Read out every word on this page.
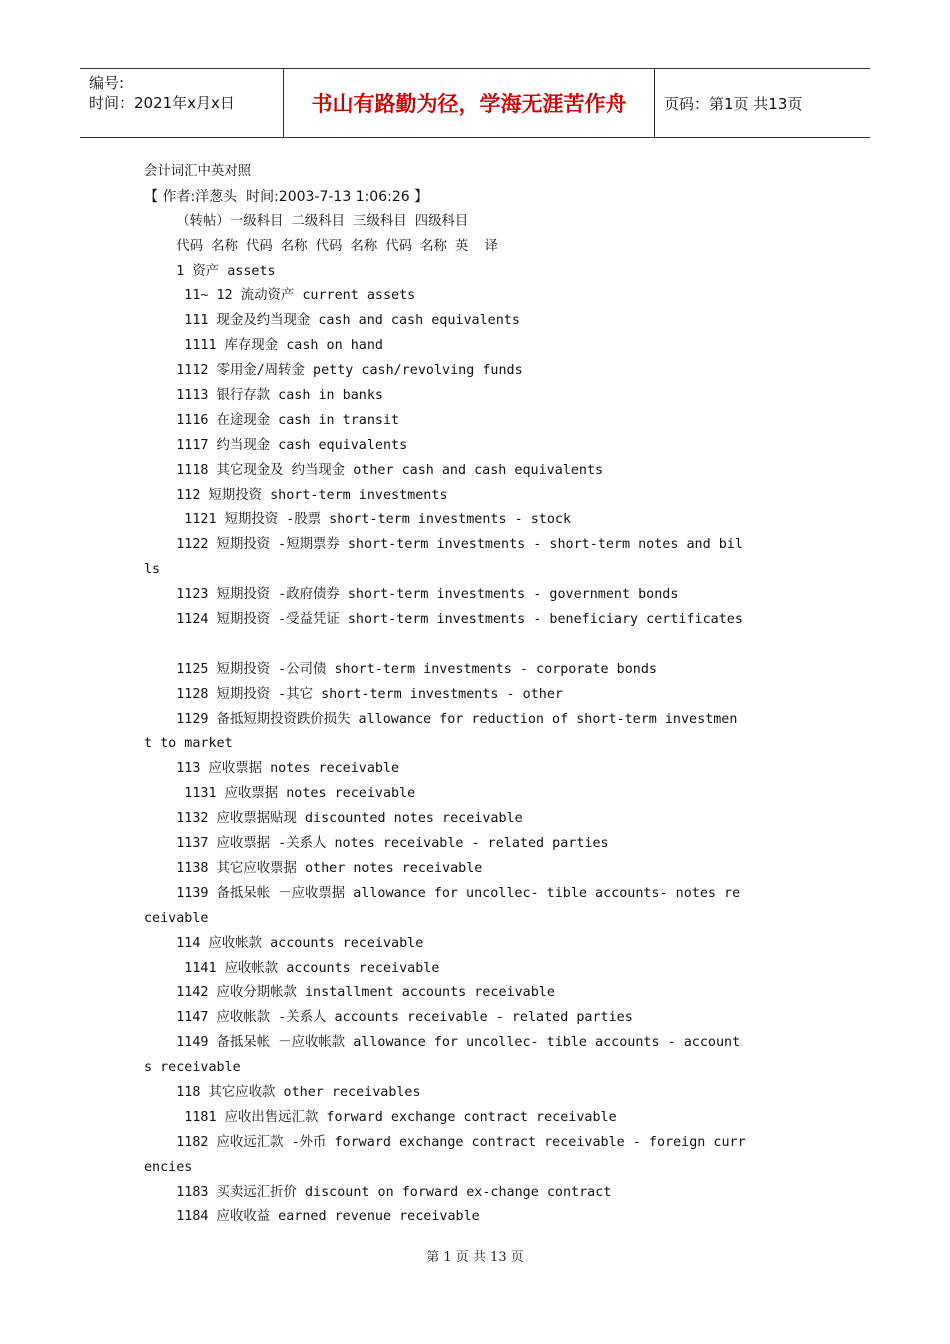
编号:
时间：2021年x月x日	书山有路勤为径，学海无涯苦作舟	页码：第1页 共13页
会计词汇中英对照
【 作者:洋葱头  时间:2003-7-13 1:06:26 】
（转帖）一级科目 二级科目 三级科目 四级科目
代码 名称 代码 名称 代码 名称 代码 名称 英  译
1 资产 assets
11~ 12 流动资产 current assets
111 现金及约当现金 cash and cash equivalents
1111 库存现金 cash on hand
1112 零用金/周转金 petty cash/revolving funds
1113 银行存款 cash in banks
1116 在途现金 cash in transit
1117 约当现金 cash equivalents
1118 其它现金及 约当现金 other cash and cash equivalents
112 短期投资 short-term investments
1121 短期投资 -股票 short-term investments - stock
1122 短期投资 -短期票券 short-term investments - short-term notes and bil
ls
1123 短期投资 -政府债券 short-term investments - government bonds
1124 短期投资 -受益凭证 short-term investments - beneficiary certificates
1125 短期投资 -公司债 short-term investments - corporate bonds
1128 短期投资 -其它 short-term investments - other
1129 备抵短期投资跌价损失 allowance for reduction of short-term investmen
t to market
113 应收票据 notes receivable
1131 应收票据 notes receivable
1132 应收票据贴现 discounted notes receivable
1137 应收票据 -关系人 notes receivable - related parties
1138 其它应收票据 other notes receivable
1139 备抵呆帐 －应收票据 allowance for uncollec- tible accounts- notes re
ceivable
114 应收帐款 accounts receivable
1141 应收帐款 accounts receivable
1142 应收分期帐款 installment accounts receivable
1147 应收帐款 -关系人 accounts receivable - related parties
1149 备抵呆帐 －应收帐款 allowance for uncollec- tible accounts - account
s receivable
118 其它应收款 other receivables
1181 应收出售远汇款 forward exchange contract receivable
1182 应收远汇款 -外币 forward exchange contract receivable - foreign curr
encies
1183 买卖远汇折价 discount on forward ex-change contract
1184 应收收益 earned revenue receivable
第 1 页 共 13 页
